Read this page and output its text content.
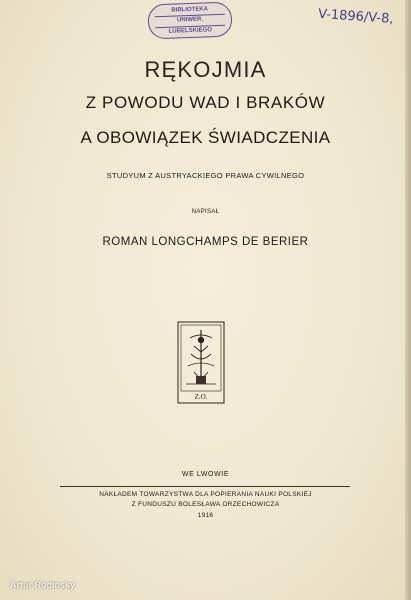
BIBLIOTEKA
UNIWER.
LUBELSKIEGO
V-1896/V-8,
RĘKOJMIA
Z POWODU WAD I BRAKÓW
A OBOWIĄZEK ŚWIADCZENIA
STUDYUM Z AUSTRYACKIEGO PRAWA CYWILNEGO
NAPISAŁ
ROMAN LONGCHAMPS DE BERIER
Z.O.
WE LWOWIE
NAKŁADEM TOWARZYSTWA DLA POPIERANIA NAUKI POLSKIEJ
Z FUNDUSZU BOLESŁAWA ORZECHOWICZA
1916
Artur Rodinsky
